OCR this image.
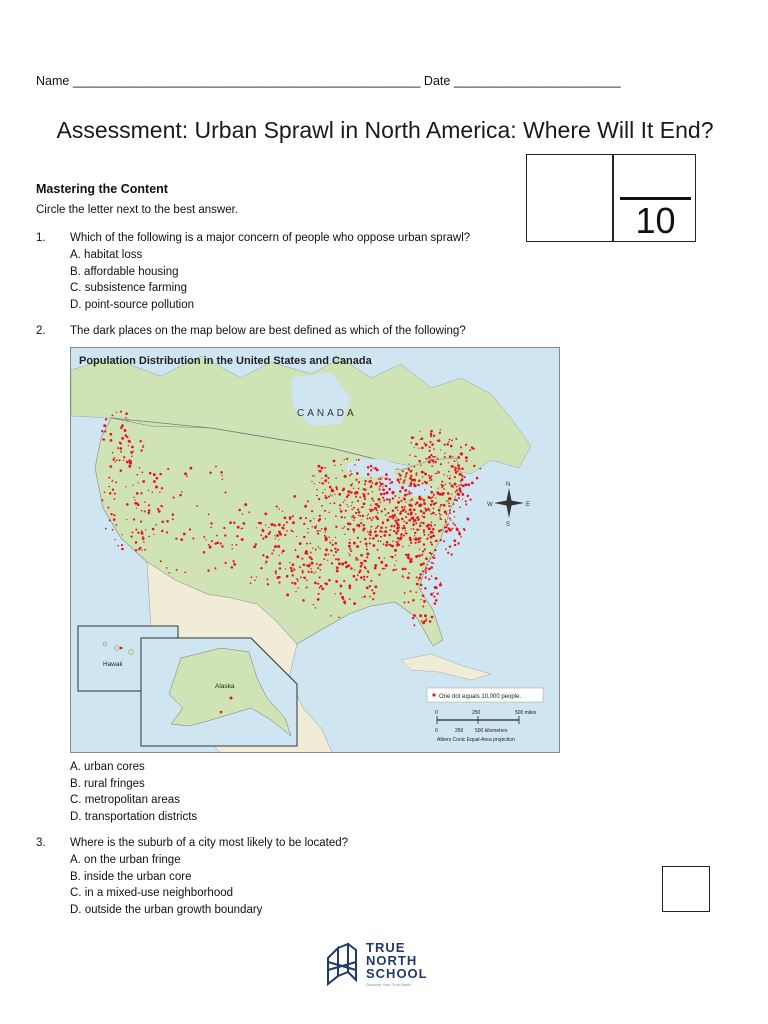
Name __________________________________________________ Date ________________________
Assessment: Urban Sprawl in North America: Where Will It End?
10
Mastering the Content
Circle the letter next to the best answer.
1. Which of the following is a major concern of people who oppose urban sprawl?
A. habitat loss
B. affordable housing
C. subsistence farming
D. point-source pollution
2. The dark places on the map below are best defined as which of the following?
Population Distribution in the United States and Canada
CANADA
N
S
E
W
Hawaii
Alaska
One dot equals 10,000 people.
0	250	500 miles
0	250 500 kilometers
Albers Conic Equal-Area projection
A. urban cores
B. rural fringes
C. metropolitan areas
D. transportation districts
3. Where is the suburb of a city most likely to be located?
A. on the urban fringe
B. inside the urban core
C. in a mixed-use neighborhood
D. outside the urban growth boundary
TRUE
NORTH
SCHOOL
Discover Your True North
